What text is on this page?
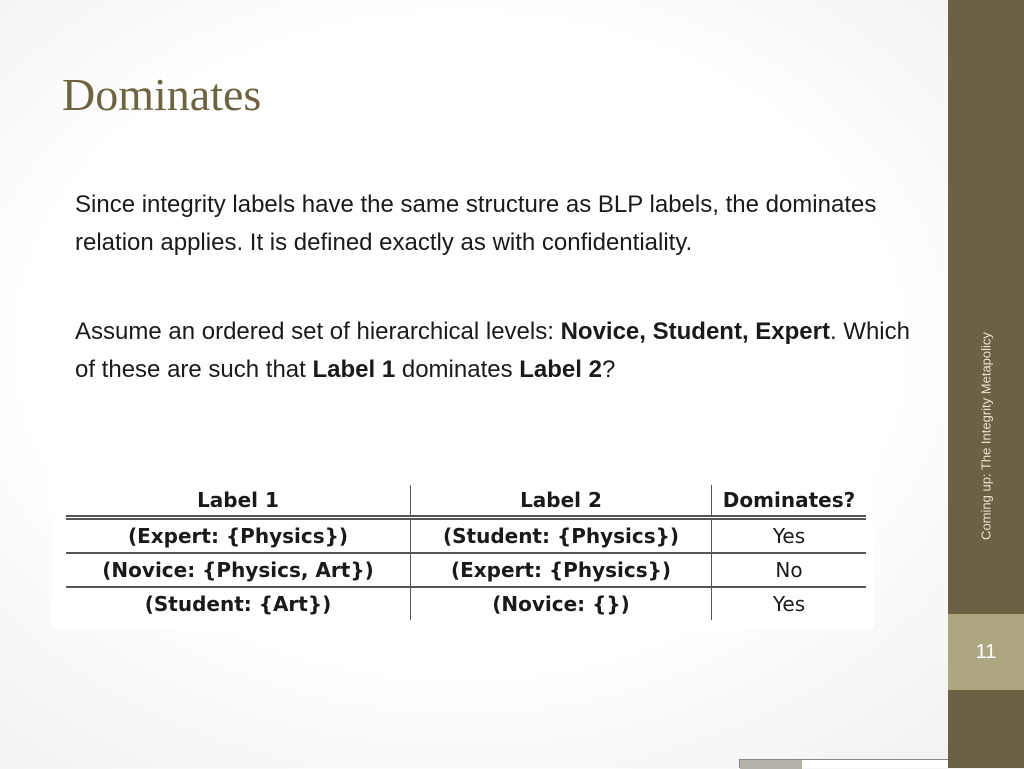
Dominates

Since integrity labels have the same structure as BLP labels, the dominates relation applies. It is defined exactly as with confidentiality.

Assume an ordered set of hierarchical levels: Novice, Student, Expert. Which of these are such that Label 1 dominates Label 2?

Label 1	Label 2	Dominates?
(Expert: {Physics})	(Student: {Physics})	Yes
(Novice: {Physics, Art})	(Expert: {Physics})	No
(Student: {Art})	(Novice: {})	Yes
Coming up: The Integrity Metapolicy
11
